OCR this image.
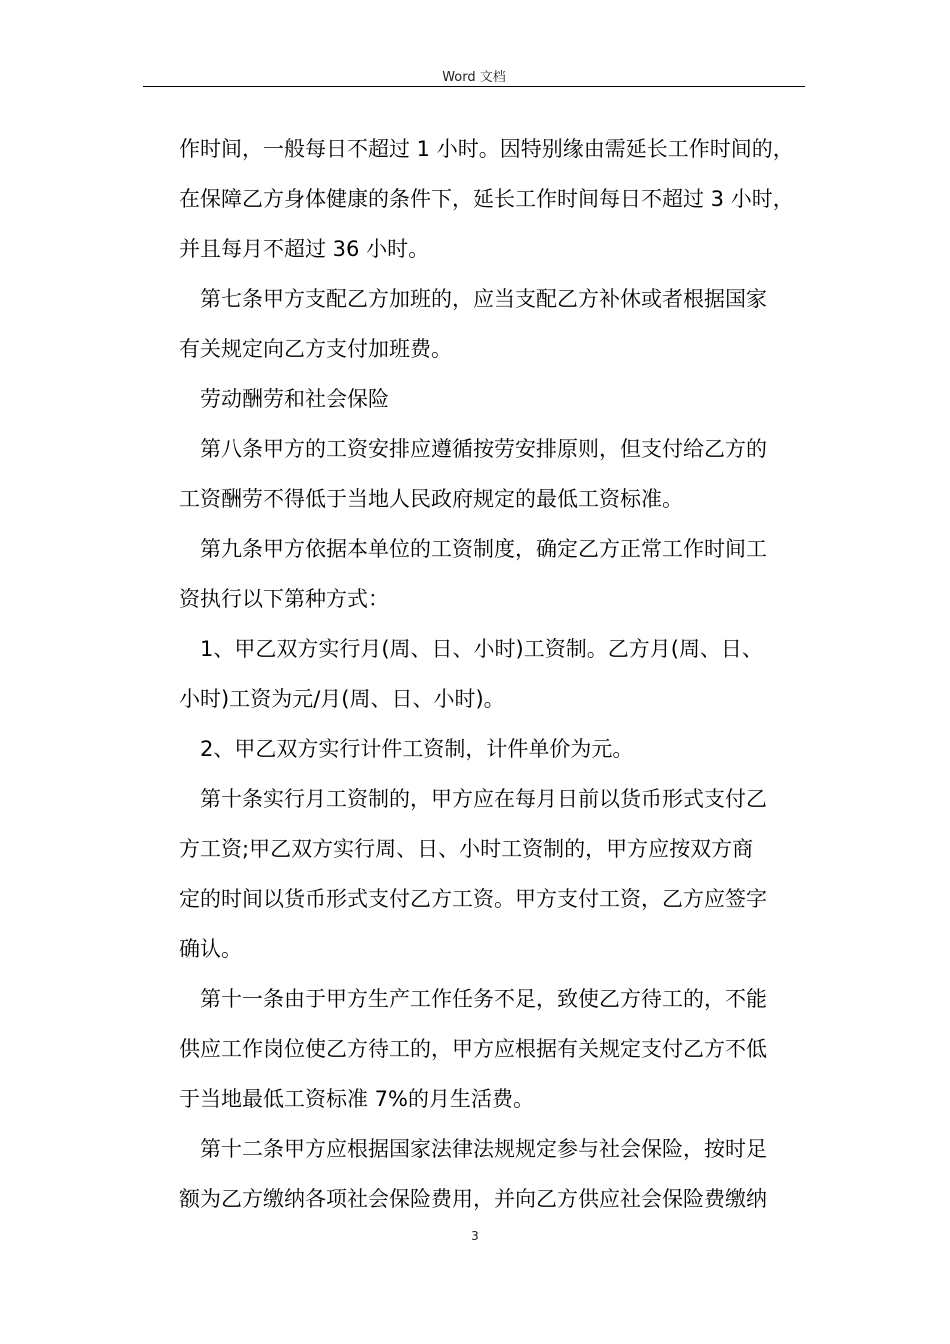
Word 文档
作时间，一般每日不超过 1 小时。因特别缘由需延长工作时间的，
在保障乙方身体健康的条件下，延长工作时间每日不超过 3 小时，
并且每月不超过 36 小时。
第七条甲方支配乙方加班的，应当支配乙方补休或者根据国家
有关规定向乙方支付加班费。
劳动酬劳和社会保险
第八条甲方的工资安排应遵循按劳安排原则，但支付给乙方的
工资酬劳不得低于当地人民政府规定的最低工资标准。
第九条甲方依据本单位的工资制度，确定乙方正常工作时间工
资执行以下第种方式：
1、甲乙双方实行月(周、日、小时)工资制。乙方月(周、日、
小时)工资为元/月(周、日、小时)。
2、甲乙双方实行计件工资制，计件单价为元。
第十条实行月工资制的，甲方应在每月日前以货币形式支付乙
方工资;甲乙双方实行周、日、小时工资制的，甲方应按双方商
定的时间以货币形式支付乙方工资。甲方支付工资，乙方应签字
确认。
第十一条由于甲方生产工作任务不足，致使乙方待工的，不能
供应工作岗位使乙方待工的，甲方应根据有关规定支付乙方不低
于当地最低工资标准 7%的月生活费。
第十二条甲方应根据国家法律法规规定参与社会保险，按时足
额为乙方缴纳各项社会保险费用，并向乙方供应社会保险费缴纳
3
